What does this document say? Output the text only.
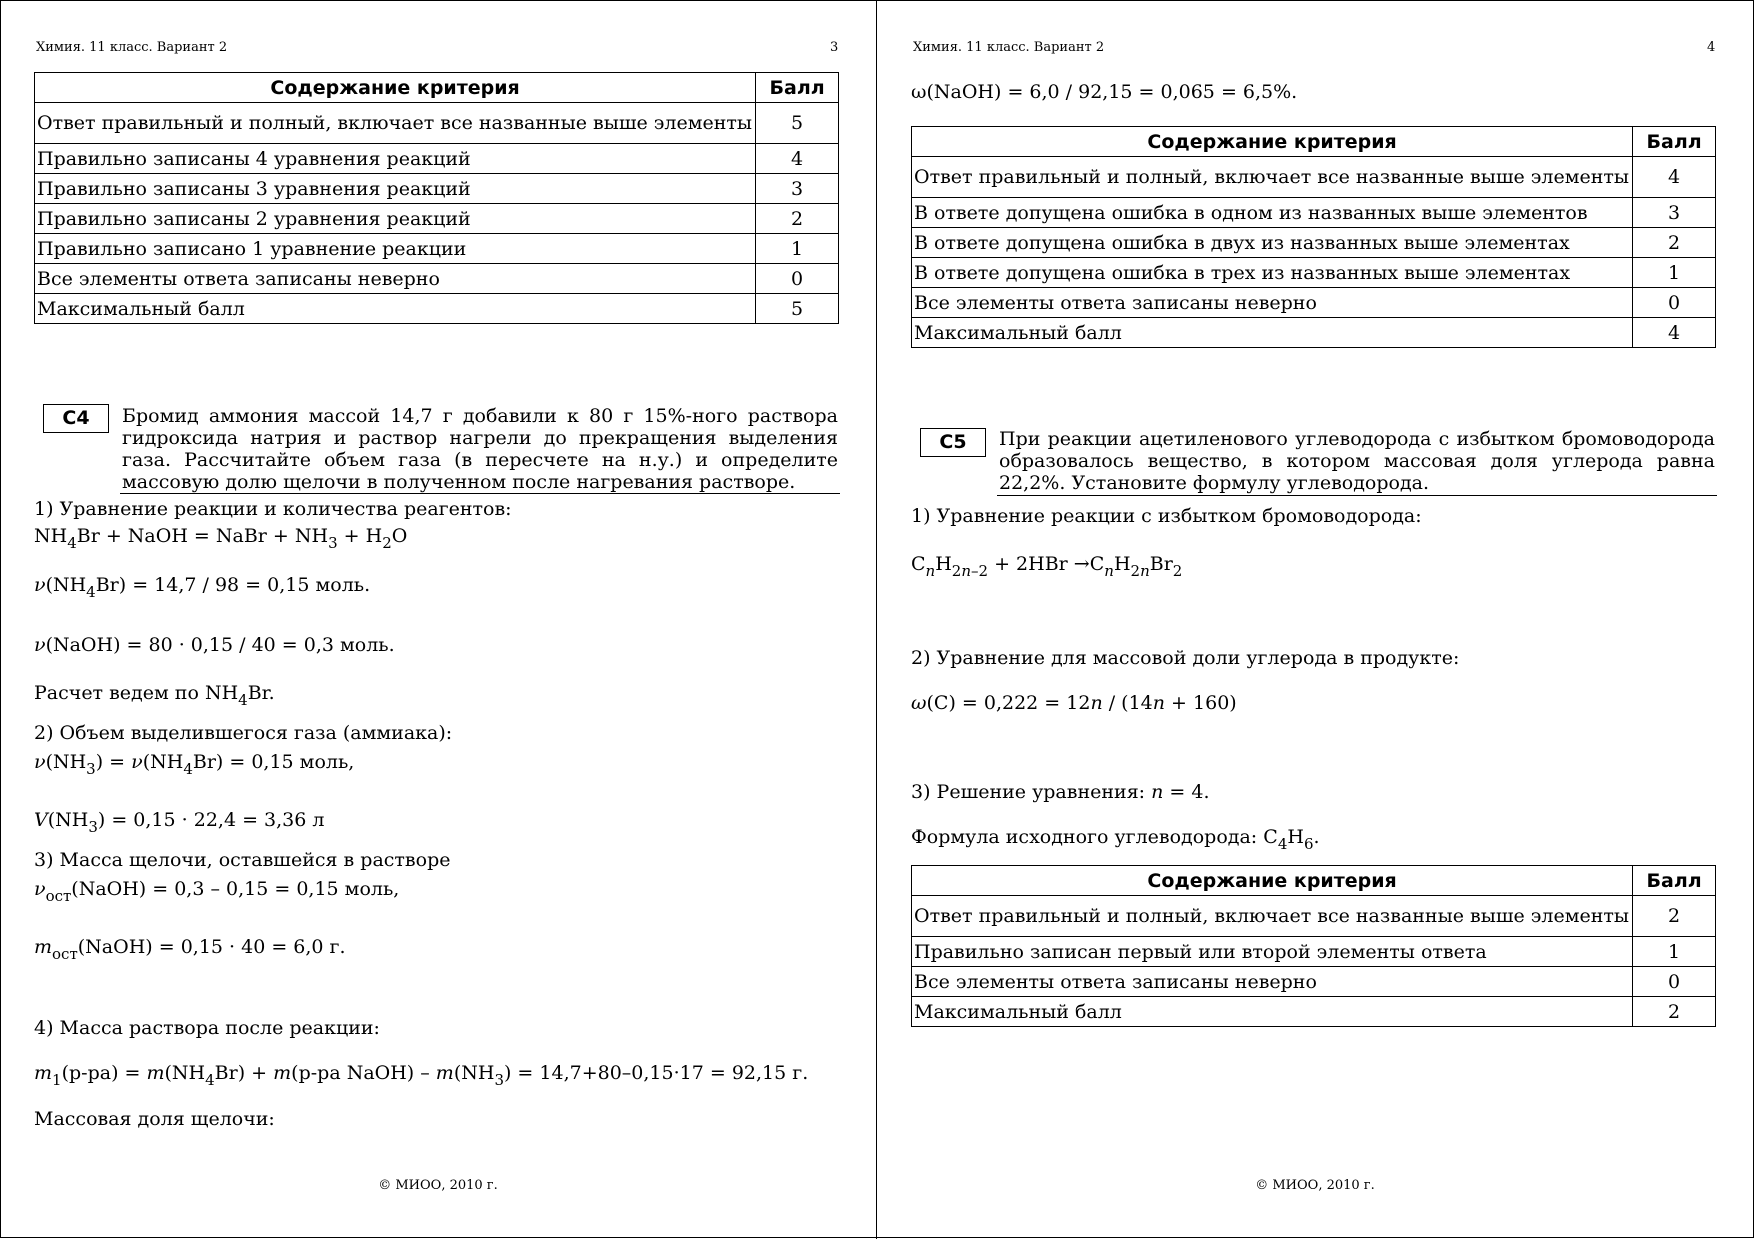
Химия. 11 класс. Вариант 2	3
Содержание критерия	Балл
Ответ правильный и полный, включает все названные выше элементы	5
Правильно записаны 4 уравнения реакций	4
Правильно записаны 3 уравнения реакций	3
Правильно записаны 2 уравнения реакций	2
Правильно записано 1 уравнение реакции	1
Все элементы ответа записаны неверно	0
Максимальный балл	5
С4	Бромид аммония массой 14,7 г добавили к 80 г 15%-ного раствора гидроксида натрия и раствор нагрели до прекращения выделения газа. Рассчитайте объем газа (в пересчете на н.у.) и определите массовую долю щелочи в полученном после нагревания растворе.
1) Уравнение реакции и количества реагентов:
$NH_4Br$ + NaOH = NaBr + $NH_3 + H_2O$
$\nu(NH_4Br) = 14,7 / 98 = 0,15$ моль.
ν(NaOH) = 80 · 0,15 / 40 = 0,3 моль.
Расчет ведем по $NH_4Br$.
2) Объем выделившегося газа (аммиака):
$\nu(NH_3) = \nu(NH_4Br) = 0,15$ моль,
$V(NH_3) = 0,15 \cdot 22,4 = 3,36$ л
3) Масса щелочи, оставшейся в растворе
$\nu_{ост}(NaOH) = 0,3 - 0,15 = 0,15$ моль,
$m_{ост}(NaOH) = 0,15 \cdot 40 = 6,0$ г.
4) Масса раствора после реакции:
$m_1(р-ра) = m(NH_4Br) + m(р-ра$ NaOH) – $m(NH_3) = 14,7+80-0,15\cdot 17 = 92,15$ г.
Массовая доля щелочи:
© МИОО, 2010 г.
Химия. 11 класс. Вариант 2	4
ω(NaOH) = 6,0 / 92,15 = 0,065 = 6,5%.
Содержание критерия	Балл
Ответ правильный и полный, включает все названные выше элементы	4
В ответе допущена ошибка в одном из названных выше элементов	3
В ответе допущена ошибка в двух из названных выше элементах	2
В ответе допущена ошибка в трех из названных выше элементах	1
Все элементы ответа записаны неверно	0
Максимальный балл	4
С5	При реакции ацетиленового углеводорода с избытком бромоводорода образовалось вещество, в котором массовая доля углерода равна 22,2%. Установите формулу углеводорода.
1) Уравнение реакции с избытком бромоводорода:
$C_nH_{2n-2} + 2HBr \to C_nH_{2n}Br_2$
2) Уравнение для массовой доли углерода в продукте:
ω(C) = 0,222 = 12n / (14n + 160)
3) Решение уравнения: n = 4.
Формула исходного углеводорода: $C_4H_6$.
Содержание критерия	Балл
Ответ правильный и полный, включает все названные выше элементы	2
Правильно записан первый или второй элементы ответа	1
Все элементы ответа записаны неверно	0
Максимальный балл	2
© МИОО, 2010 г.
